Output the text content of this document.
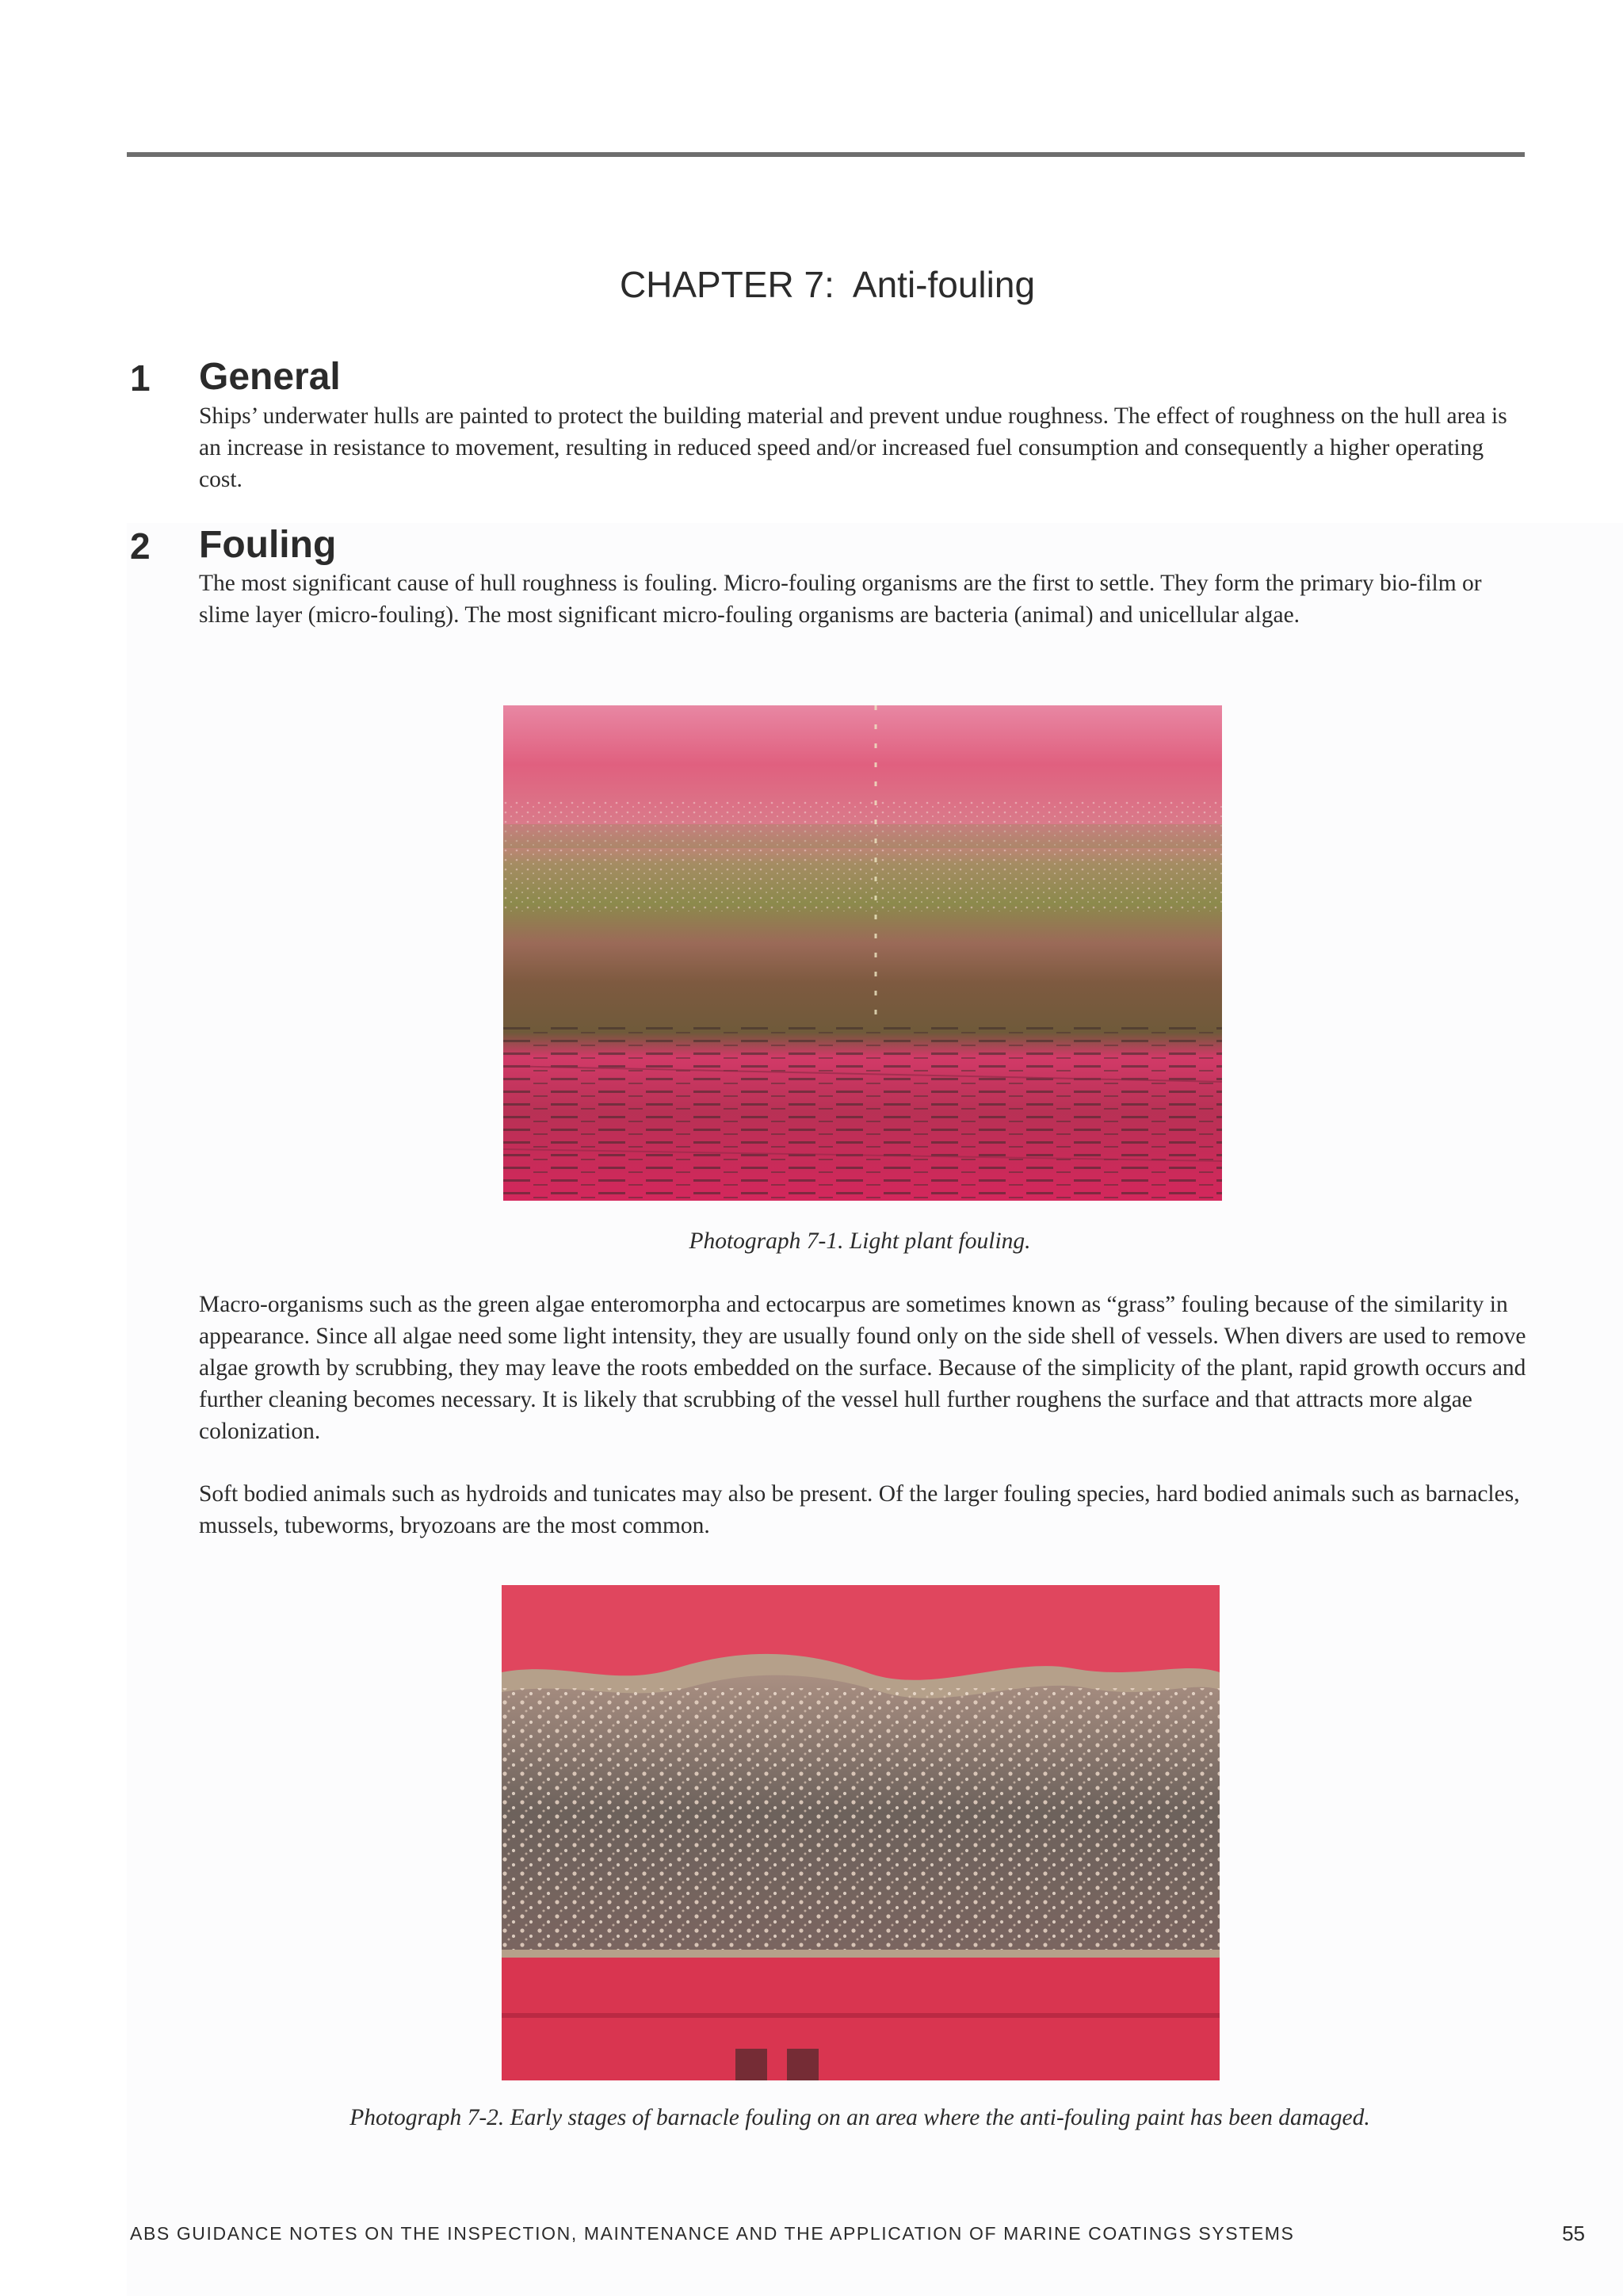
CHAPTER 7:  Anti-fouling
1 General

Ships’ underwater hulls are painted to protect the building material and prevent undue roughness. The effect of roughness on the hull area is an increase in resistance to movement, resulting in reduced speed and/or increased fuel consumption and consequently a higher operating cost.

2 Fouling

The most significant cause of hull roughness is fouling. Micro-fouling organisms are the first to settle. They form the primary bio-film or slime layer (micro-fouling). The most significant micro-fouling organisms are bacteria (animal) and unicellular algae.

Photograph 7-1. Light plant fouling.

Macro-organisms such as the green algae enteromorpha and ectocarpus are sometimes known as “grass” fouling because of the similarity in appearance. Since all algae need some light intensity, they are usually found only on the side shell of vessels. When divers are used to remove algae growth by scrubbing, they may leave the roots embedded on the surface. Because of the simplicity of the plant, rapid growth occurs and further cleaning becomes necessary. It is likely that scrubbing of the vessel hull further roughens the surface and that attracts more algae colonization.

Soft bodied animals such as hydroids and tunicates may also be present. Of the larger fouling species, hard bodied animals such as barnacles, mussels, tubeworms, bryozoans are the most common.

Photograph 7-2. Early stages of barnacle fouling on an area where the anti-fouling paint has been damaged.
ABS GUIDANCE NOTES ON THE INSPECTION, MAINTENANCE AND THE APPLICATION OF MARINE COATINGS SYSTEMS	55
